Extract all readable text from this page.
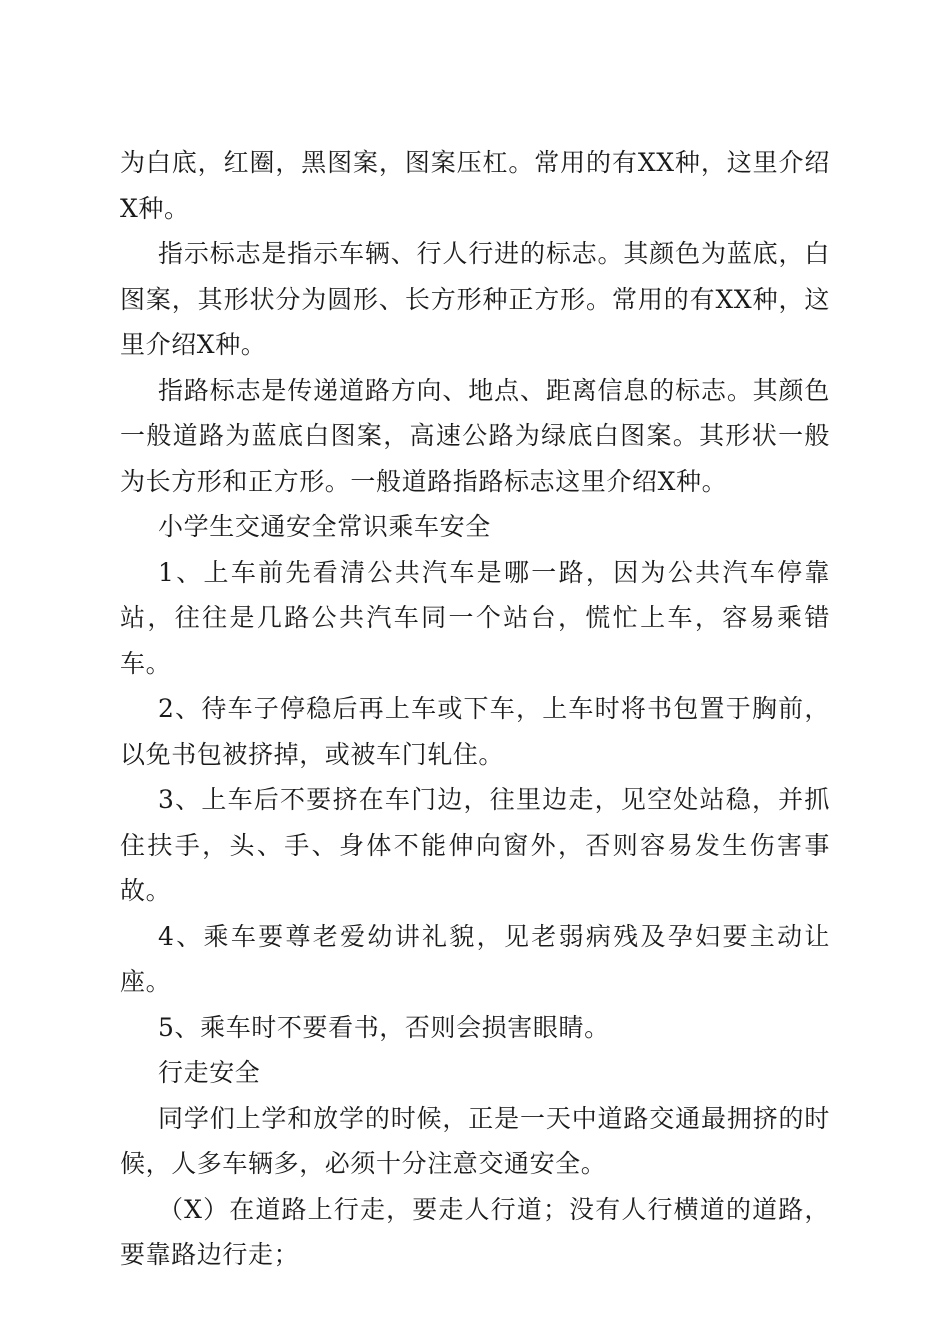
为白底，红圈，黑图案，图案压杠。常用的有XX种，这里介绍X种。

指示标志是指示车辆、行人行进的标志。其颜色为蓝底，白图案，其形状分为圆形、长方形种正方形。常用的有XX种，这里介绍X种。

指路标志是传递道路方向、地点、距离信息的标志。其颜色一般道路为蓝底白图案，高速公路为绿底白图案。其形状一般为长方形和正方形。一般道路指路标志这里介绍X种。

小学生交通安全常识乘车安全

1、上车前先看清公共汽车是哪一路，因为公共汽车停靠站，往往是几路公共汽车同一个站台，慌忙上车，容易乘错车。

2、待车子停稳后再上车或下车，上车时将书包置于胸前，以免书包被挤掉，或被车门轧住。

3、上车后不要挤在车门边，往里边走，见空处站稳，并抓住扶手，头、手、身体不能伸向窗外，否则容易发生伤害事故。

4、乘车要尊老爱幼讲礼貌，见老弱病残及孕妇要主动让座。

5、乘车时不要看书，否则会损害眼睛。

行走安全

同学们上学和放学的时候，正是一天中道路交通最拥挤的时候，人多车辆多，必须十分注意交通安全。

（X）在道路上行走，要走人行道；没有人行横道的道路，要靠路边行走；
